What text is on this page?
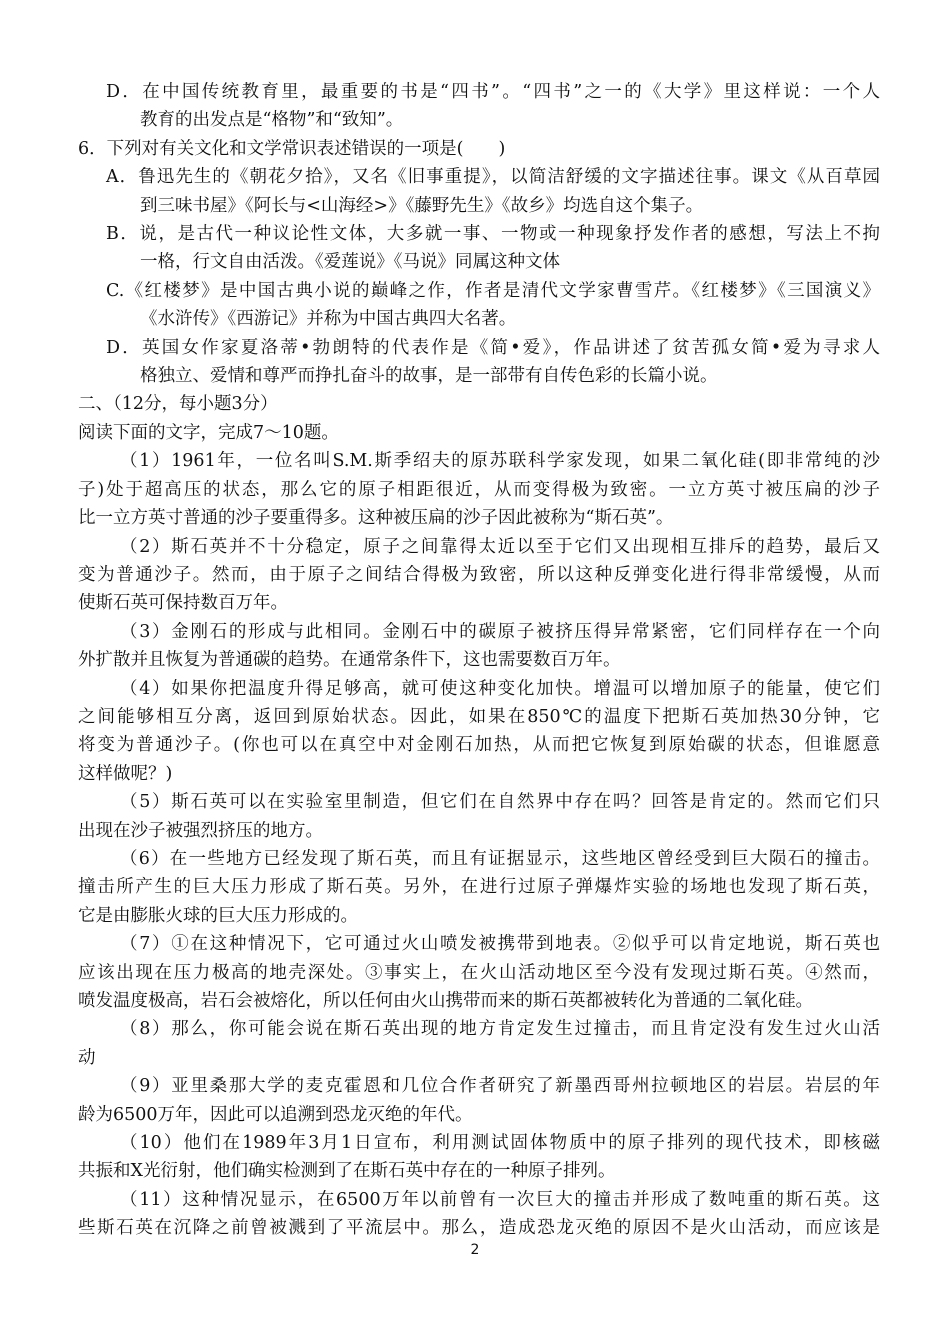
D．在中国传统教育里，最重要的书是“四书”。“四书”之一的《大学》里这样说：一个人
教育的出发点是“格物”和“致知”。
6．下列对有关文化和文学常识表述错误的一项是(　　)
A．鲁迅先生的《朝花夕拾》，又名《旧事重提》，以简洁舒缓的文字描述往事。课文《从百草园
到三味书屋》《阿长与<山海经>》《藤野先生》《故乡》均选自这个集子。
B．说，是古代一种议论性文体，大多就一事、一物或一种现象抒发作者的感想，写法上不拘
一格，行文自由活泼。《爱莲说》《马说》同属这种文体
C.《红楼梦》是中国古典小说的巅峰之作，作者是清代文学家曹雪芹。《红楼梦》《三国演义》
《水浒传》《西游记》并称为中国古典四大名著。
D．英国女作家夏洛蒂•勃朗特的代表作是《简•爱》，作品讲述了贫苦孤女简•爱为寻求人
格独立、爱情和尊严而挣扎奋斗的故事，是一部带有自传色彩的长篇小说。
二、（12分，每小题3分）
阅读下面的文字，完成7～10题。
（1）1961年，一位名叫S.M.斯季绍夫的原苏联科学家发现，如果二氧化硅(即非常纯的沙
子)处于超高压的状态，那么它的原子相距很近，从而变得极为致密。一立方英寸被压扁的沙子
比一立方英寸普通的沙子要重得多。这种被压扁的沙子因此被称为“斯石英”。
（2）斯石英并不十分稳定，原子之间靠得太近以至于它们又出现相互排斥的趋势，最后又
变为普通沙子。然而，由于原子之间结合得极为致密，所以这种反弹变化进行得非常缓慢，从而
使斯石英可保持数百万年。
（3）金刚石的形成与此相同。金刚石中的碳原子被挤压得异常紧密，它们同样存在一个向
外扩散并且恢复为普通碳的趋势。在通常条件下，这也需要数百万年。
（4）如果你把温度升得足够高，就可使这种变化加快。增温可以增加原子的能量，使它们
之间能够相互分离，返回到原始状态。因此，如果在850℃的温度下把斯石英加热30分钟，它
将变为普通沙子。(你也可以在真空中对金刚石加热，从而把它恢复到原始碳的状态，但谁愿意
这样做呢？)
（5）斯石英可以在实验室里制造，但它们在自然界中存在吗？回答是肯定的。然而它们只
出现在沙子被强烈挤压的地方。
（6）在一些地方已经发现了斯石英，而且有证据显示，这些地区曾经受到巨大陨石的撞击。
撞击所产生的巨大压力形成了斯石英。另外，在进行过原子弹爆炸实验的场地也发现了斯石英，
它是由膨胀火球的巨大压力形成的。
（7）①在这种情况下，它可通过火山喷发被携带到地表。②似乎可以肯定地说，斯石英也
应该出现在压力极高的地壳深处。③事实上，在火山活动地区至今没有发现过斯石英。④然而，
喷发温度极高，岩石会被熔化，所以任何由火山携带而来的斯石英都被转化为普通的二氧化硅。
（8）那么，你可能会说在斯石英出现的地方肯定发生过撞击，而且肯定没有发生过火山活
动
（9）亚里桑那大学的麦克霍恩和几位合作者研究了新墨西哥州拉顿地区的岩层。岩层的年
龄为6500万年，因此可以追溯到恐龙灭绝的年代。
（10）他们在1989年3月1日宣布，利用测试固体物质中的原子排列的现代技术，即核磁
共振和X光衍射，他们确实检测到了在斯石英中存在的一种原子排列。
（11）这种情况显示，在6500万年以前曾有一次巨大的撞击并形成了数吨重的斯石英。这
些斯石英在沉降之前曾被溅到了平流层中。那么，造成恐龙灭绝的原因不是火山活动，而应该是
2
